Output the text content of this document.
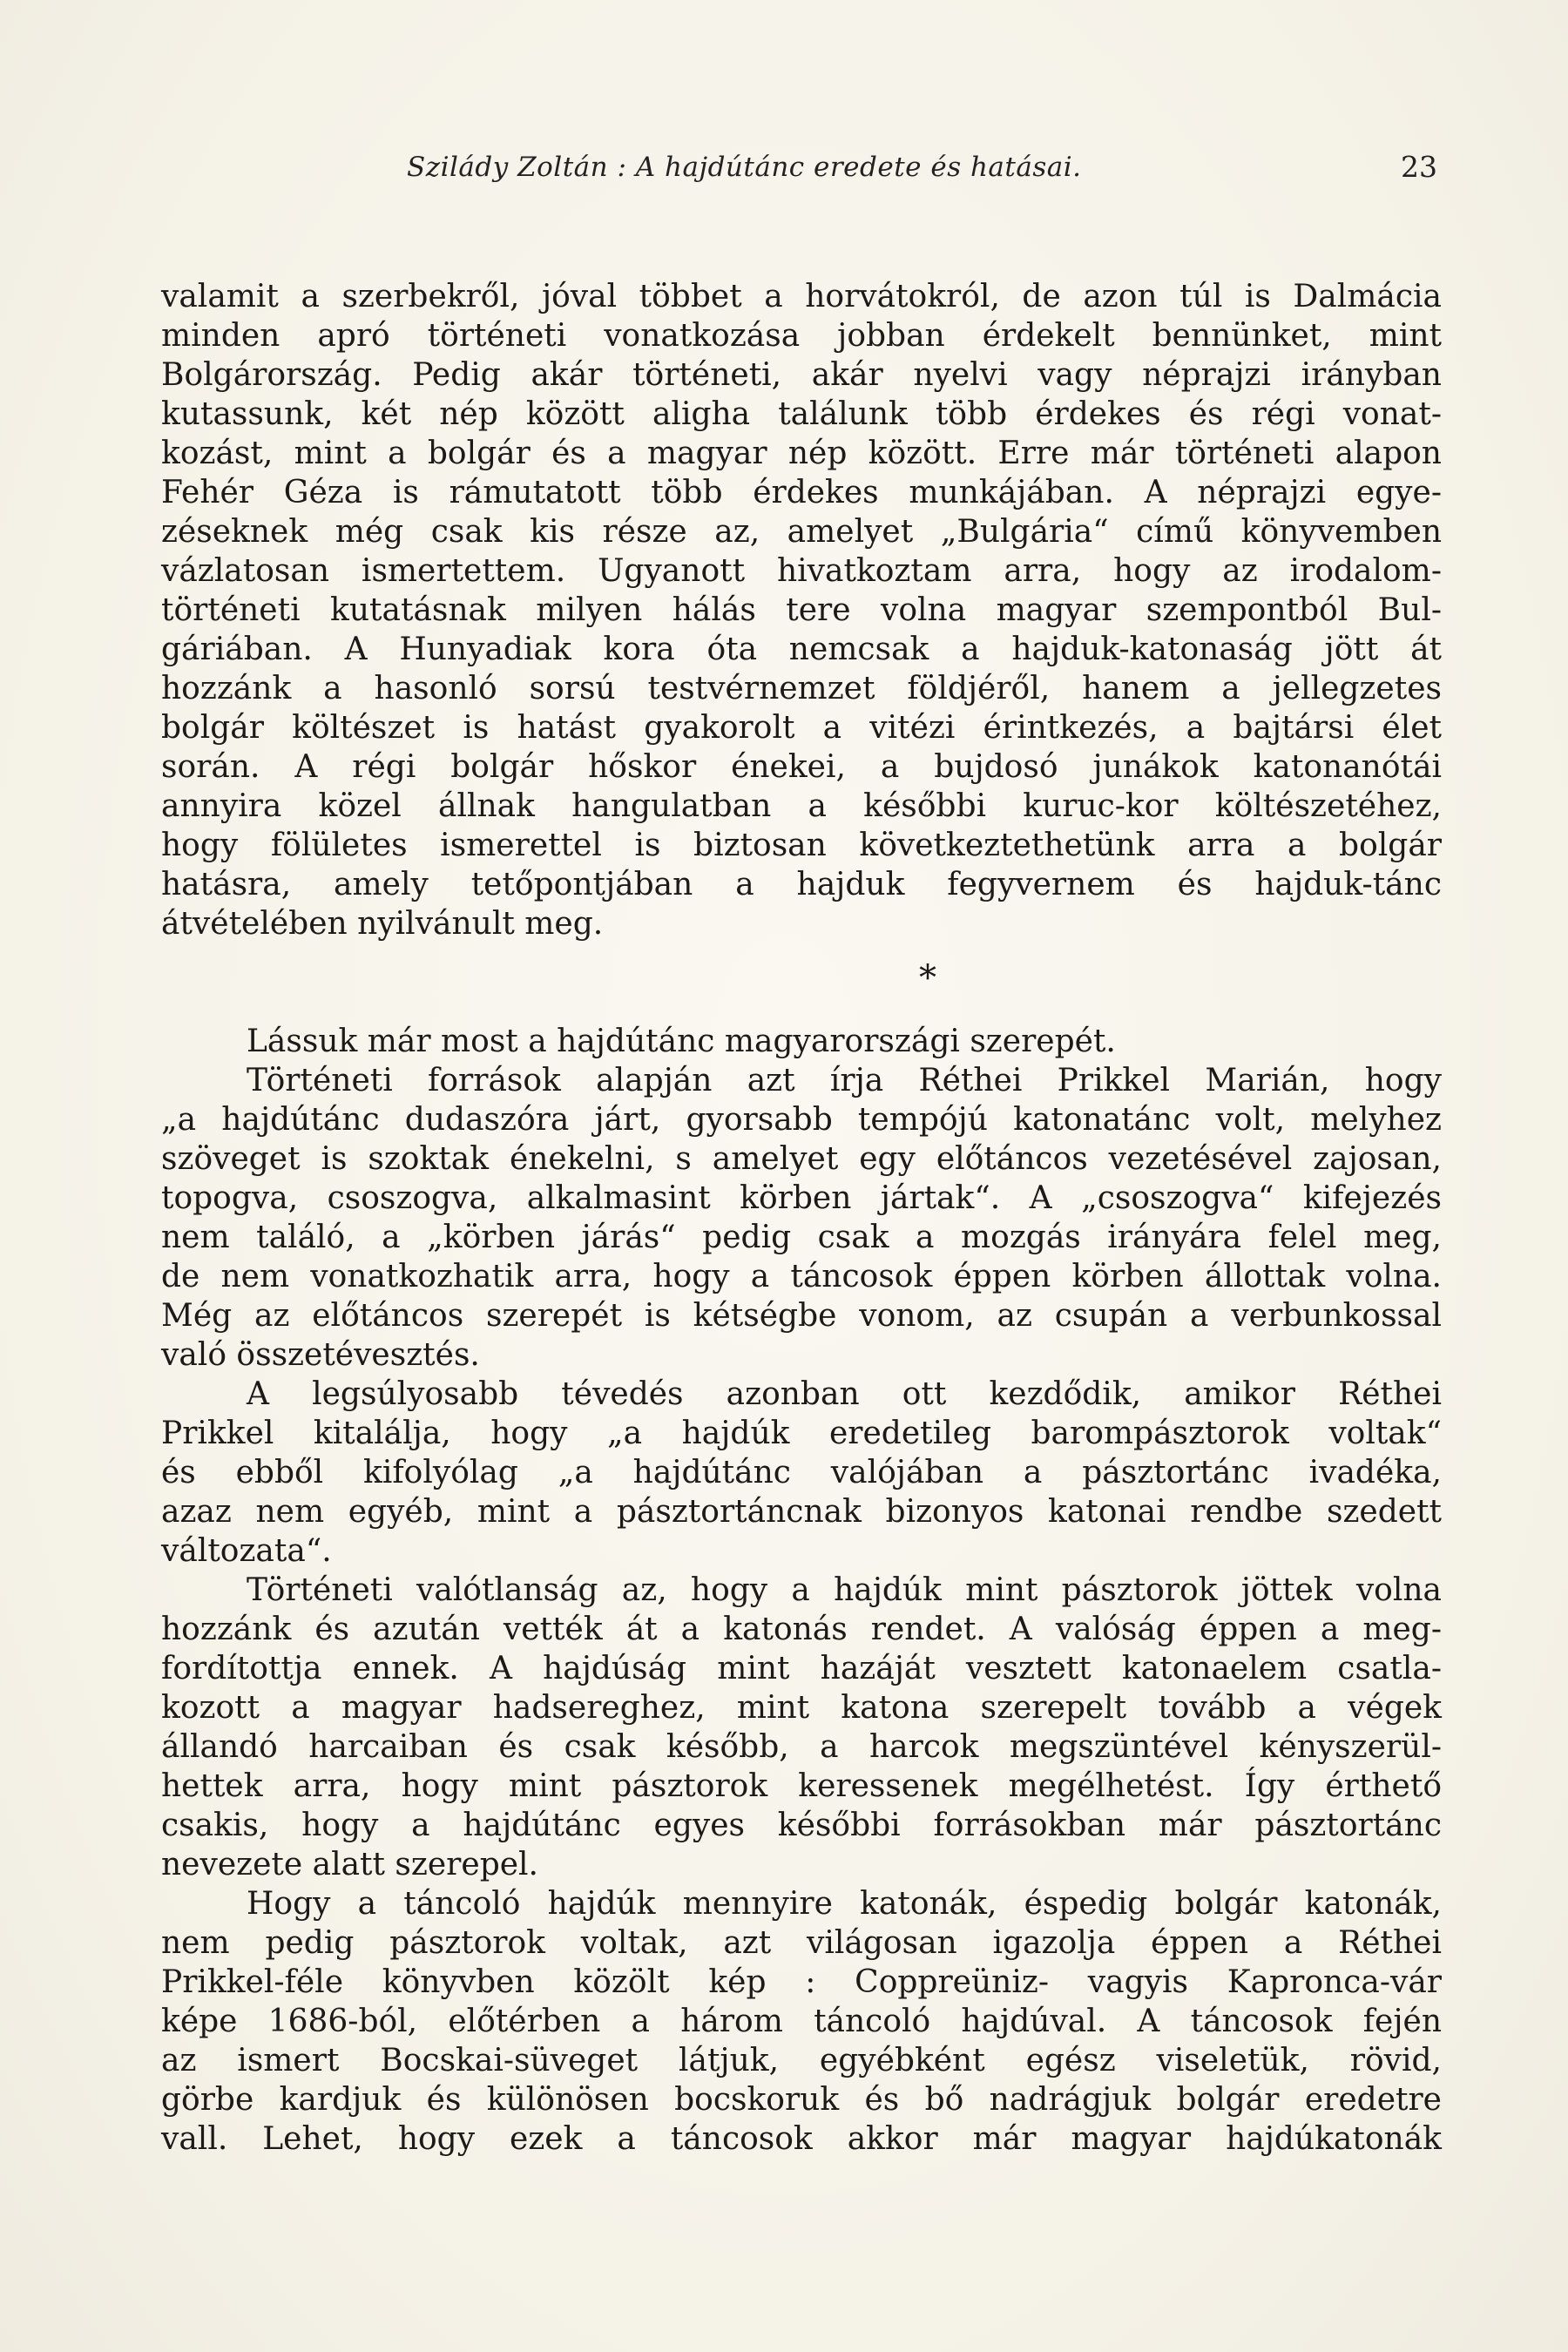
Szilády Zoltán : A hajdútánc eredete és hatásai.	23
valamit a szerbekről, jóval többet a horvátokról, de azon túl is Dalmácia
minden apró történeti vonatkozása jobban érdekelt bennünket, mint
Bolgárország. Pedig akár történeti, akár nyelvi vagy néprajzi irányban
kutassunk, két nép között aligha találunk több érdekes és régi vonat-
kozást, mint a bolgár és a magyar nép között. Erre már történeti alapon
Fehér Géza is rámutatott több érdekes munkájában. A néprajzi egye-
zéseknek még csak kis része az, amelyet „Bulgária“ című könyvemben
vázlatosan ismertettem. Ugyanott hivatkoztam arra, hogy az irodalom-
történeti kutatásnak milyen hálás tere volna magyar szempontból Bul-
gáriában. A Hunyadiak kora óta nemcsak a hajduk-katonaság jött át
hozzánk a hasonló sorsú testvérnemzet földjéről, hanem a jellegzetes
bolgár költészet is hatást gyakorolt a vitézi érintkezés, a bajtársi élet
során. A régi bolgár hőskor énekei, a bujdosó junákok katonanótái
annyira közel állnak hangulatban a későbbi kuruc-kor költészetéhez,
hogy fölületes ismerettel is biztosan következtethetünk arra a bolgár
hatásra, amely tetőpontjában a hajduk fegyvernem és hajduk-tánc
átvételében nyilvánult meg.
*
Lássuk már most a hajdútánc magyarországi szerepét.
Történeti források alapján azt írja Réthei Prikkel Marián, hogy
„a hajdútánc dudaszóra járt, gyorsabb tempójú katonatánc volt, melyhez
szöveget is szoktak énekelni, s amelyet egy előtáncos vezetésével zajosan,
topogva, csoszogva, alkalmasint körben jártak“. A „csoszogva“ kifejezés
nem találó, a „körben járás“ pedig csak a mozgás irányára felel meg,
de nem vonatkozhatik arra, hogy a táncosok éppen körben állottak volna.
Még az előtáncos szerepét is kétségbe vonom, az csupán a verbunkossal
való összetévesztés.
A legsúlyosabb tévedés azonban ott kezdődik, amikor Réthei
Prikkel kitalálja, hogy „a hajdúk eredetileg barompásztorok voltak“
és ebből kifolyólag „a hajdútánc valójában a pásztortánc ivadéka,
azaz nem egyéb, mint a pásztortáncnak bizonyos katonai rendbe szedett
változata“.
Történeti valótlanság az, hogy a hajdúk mint pásztorok jöttek volna
hozzánk és azután vették át a katonás rendet. A valóság éppen a meg-
fordítottja ennek. A hajdúság mint hazáját vesztett katonaelem csatla-
kozott a magyar hadsereghez, mint katona szerepelt tovább a végek
állandó harcaiban és csak később, a harcok megszüntével kényszerül-
hettek arra, hogy mint pásztorok keressenek megélhetést. Így érthető
csakis, hogy a hajdútánc egyes későbbi forrásokban már pásztortánc
nevezete alatt szerepel.
Hogy a táncoló hajdúk mennyire katonák, éspedig bolgár katonák,
nem pedig pásztorok voltak, azt világosan igazolja éppen a Réthei
Prikkel-féle könyvben közölt kép : Coppreüniz- vagyis Kapronca-vár
képe 1686-ból, előtérben a három táncoló hajdúval. A táncosok fején
az ismert Bocskai-süveget látjuk, egyébként egész viseletük, rövid,
görbe kardjuk és különösen bocskoruk és bő nadrágjuk bolgár eredetre
vall. Lehet, hogy ezek a táncosok akkor már magyar hajdúkatonák
